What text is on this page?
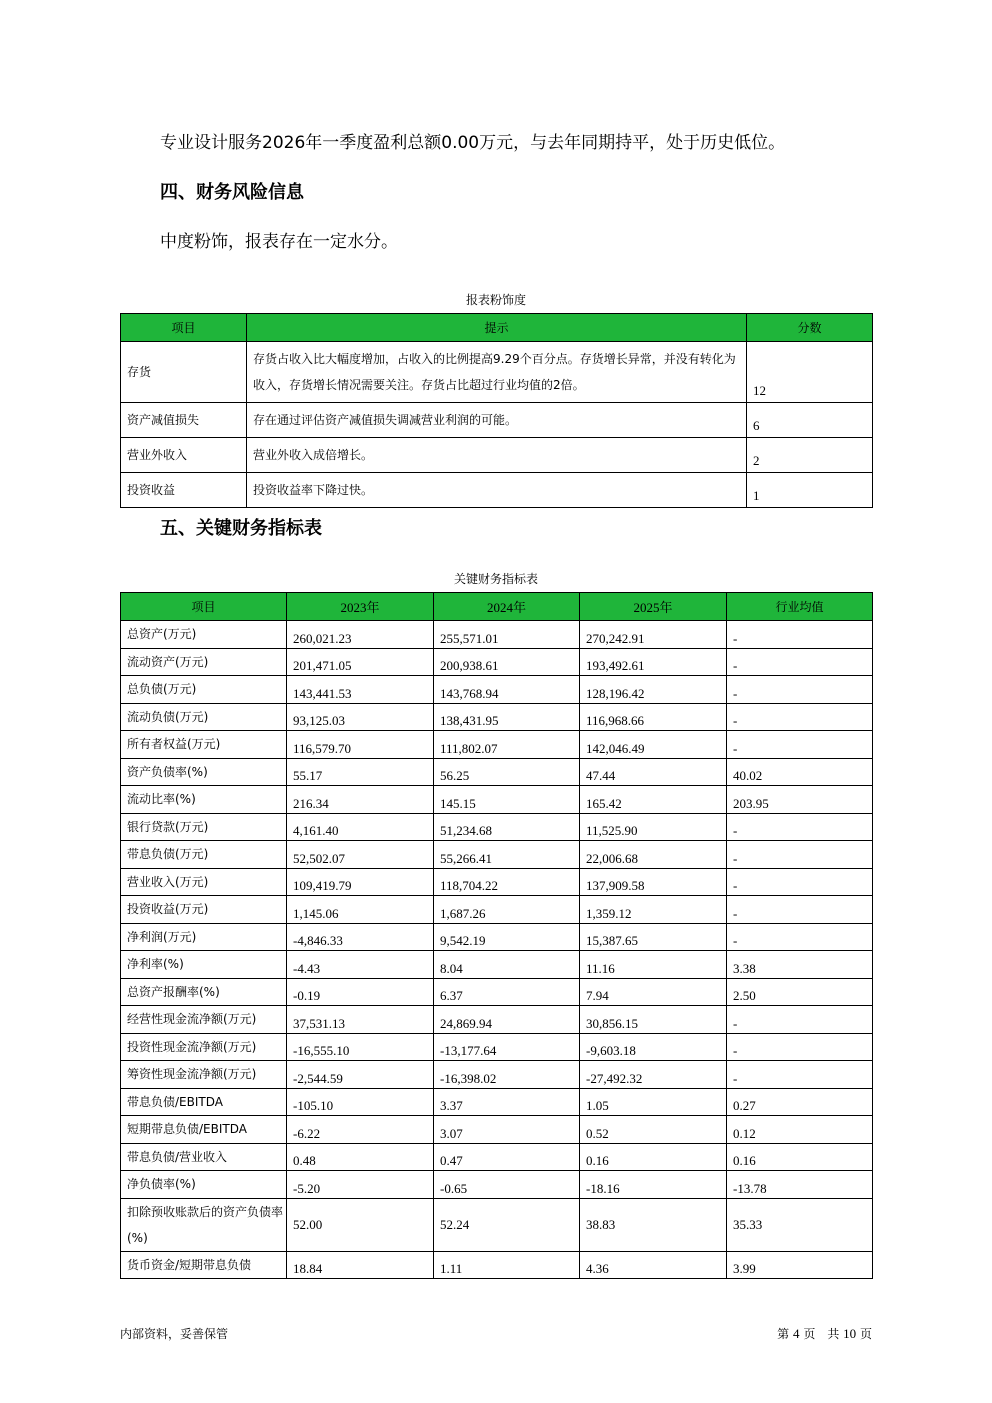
专业设计服务2026年一季度盈利总额0.00万元，与去年同期持平，处于历史低位。
四、财务风险信息
中度粉饰，报表存在一定水分。
报表粉饰度
项目	提示	分数
存货	存货占收入比大幅度增加，占收入的比例提高9.29个百分点。存货增长异常，并没有转化为收入，存货增长情况需要关注。存货占比超过行业均值的2倍。	12
资产减值损失	存在通过评估资产减值损失调减营业利润的可能。	6
营业外收入	营业外收入成倍增长。	2
投资收益	投资收益率下降过快。	1
五、关键财务指标表
关键财务指标表
项目	2023年	2024年	2025年	行业均值
总资产(万元)	260,021.23	255,571.01	270,242.91	-
流动资产(万元)	201,471.05	200,938.61	193,492.61	-
总负债(万元)	143,441.53	143,768.94	128,196.42	-
流动负债(万元)	93,125.03	138,431.95	116,968.66	-
所有者权益(万元)	116,579.70	111,802.07	142,046.49	-
资产负债率(%)	55.17	56.25	47.44	40.02
流动比率(%)	216.34	145.15	165.42	203.95
银行贷款(万元)	4,161.40	51,234.68	11,525.90	-
带息负债(万元)	52,502.07	55,266.41	22,006.68	-
营业收入(万元)	109,419.79	118,704.22	137,909.58	-
投资收益(万元)	1,145.06	1,687.26	1,359.12	-
净利润(万元)	-4,846.33	9,542.19	15,387.65	-
净利率(%)	-4.43	8.04	11.16	3.38
总资产报酬率(%)	-0.19	6.37	7.94	2.50
经营性现金流净额(万元)	37,531.13	24,869.94	30,856.15	-
投资性现金流净额(万元)	-16,555.10	-13,177.64	-9,603.18	-
筹资性现金流净额(万元)	-2,544.59	-16,398.02	-27,492.32	-
带息负债/EBITDA	-105.10	3.37	1.05	0.27
短期带息负债/EBITDA	-6.22	3.07	0.52	0.12
带息负债/营业收入	0.48	0.47	0.16	0.16
净负债率(%)	-5.20	-0.65	-18.16	-13.78
扣除预收账款后的资产负债率(%)	52.00	52.24	38.83	35.33
货币资金/短期带息负债	18.84	1.11	4.36	3.99
内部资料，妥善保管	第 4 页　共 10 页
